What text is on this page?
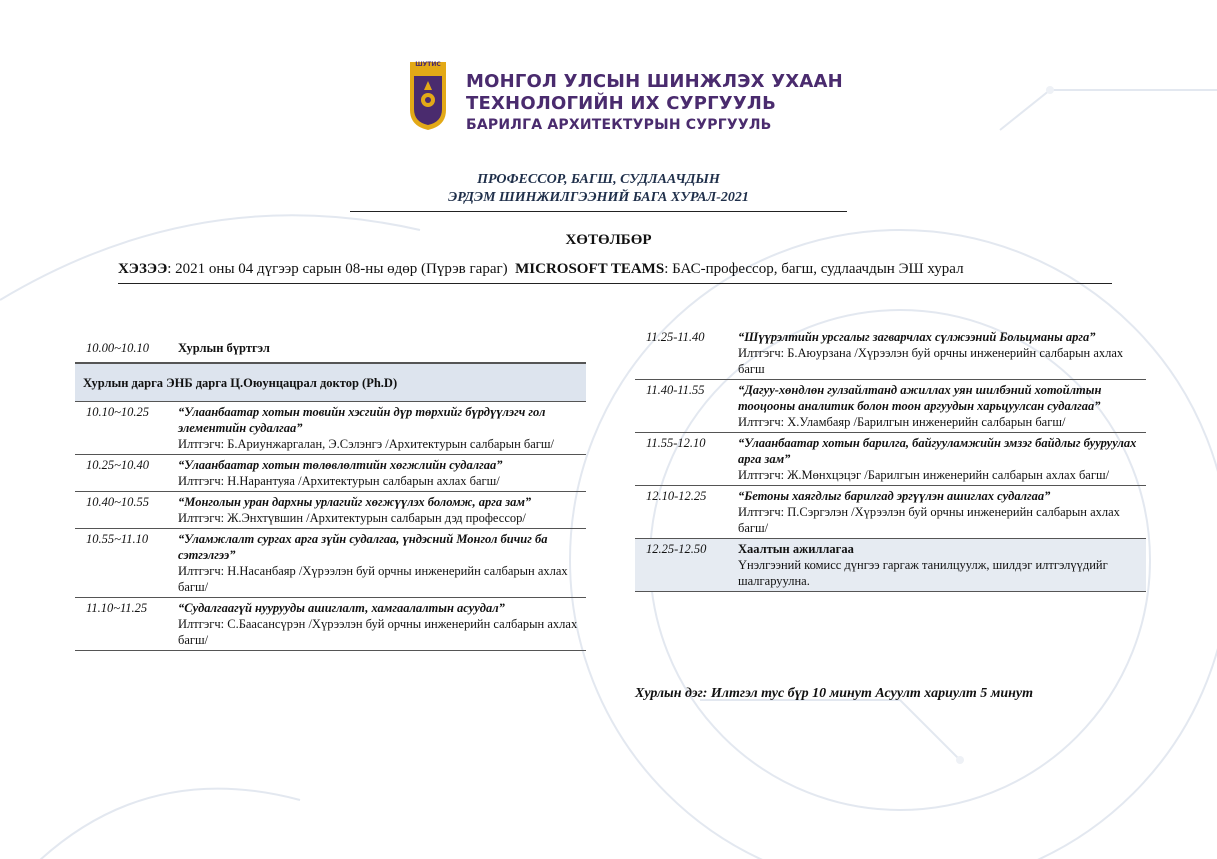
ШУТИС
МОНГОЛ УЛСЫН ШИНЖЛЭХ УХААН
ТЕХНОЛОГИЙН ИХ СУРГУУЛЬ
БАРИЛГА АРХИТЕКТУРЫН СУРГУУЛЬ
ПРОФЕССОР, БАГШ, СУДЛААЧДЫН
ЭРДЭМ ШИНЖИЛГЭЭНИЙ БАГА ХУРАЛ-2021
ХӨТӨЛБӨР
ХЭЗЭЭ: 2021 оны 04 дүгээр сарын 08-ны өдөр (Пүрэв гараг) MICROSOFT TEAMS: БАС-профессор, багш, судлаачдын ЭШ хурал
10.00~10.10	Хурлын бүртгэл
Хурлын дарга ЭНБ дарга Ц.Оюунцацрал доктор (Ph.D)
10.10~10.25	“Улаанбаатар хотын товийн хэсгийн дүр төрхийг бүрдүүлэгч гол элементийн судалгаа”
Илтгэгч: Б.Ариунжаргалан, Э.Сэлэнгэ /Архитектурын салбарын багш/
10.25~10.40	“Улаанбаатар хотын төлөвлөлтийн хөгжлийн судалгаа”
Илтгэгч: Н.Нарантуяа /Архитектурын салбарын ахлах багш/
10.40~10.55	“Монголын уран дархны урлагийг хөгжүүлэх боломж, арга зам”
Илтгэгч: Ж.Энхтүвшин /Архитектурын салбарын дэд профессор/
10.55~11.10	“Уламжлалт сургах арга зүйн судалгаа, үндэсний Монгол бичиг ба сэтгэлгээ”
Илтгэгч: Н.Насанбаяр /Хүрээлэн буй орчны инженерийн салбарын ахлах багш/
11.10~11.25	“Судалгаагүй нуурууды ашиглалт, хамгаалалтын асуудал”
Илтгэгч: С.Баасансүрэн /Хүрээлэн буй орчны инженерийн салбарын ахлах багш/
11.25-11.40	“Шүүрэлтийн урсгалыг загварчлах сүлжээний Больцманы арга”
Илтгэгч: Б.Аюурзана /Хүрээлэн буй орчны инженерийн салбарын ахлах багш
11.40-11.55	“Дагуу-хөндлөн гулзайлтанд ажиллах уян шилбэний хотойлтын тооцооны аналитик болон тоон аргуудын харьцуулсан судалгаа”
Илтгэгч: Х.Уламбаяр /Барилгын инженерийн салбарын багш/
11.55-12.10	“Улаанбаатар хотын барилга, байгууламжийн эмзэг байдлыг бууруулах арга зам”
Илтгэгч: Ж.Мөнхцэцэг /Барилгын инженерийн салбарын ахлах багш/
12.10-12.25	“Бетоны хаягдлыг барилгад эргүүлэн ашиглах судалгаа”
Илтгэгч: П.Сэргэлэн /Хүрээлэн буй орчны инженерийн салбарын ахлах багш/
12.25-12.50	Хаалтын ажиллагаа
Үнэлгээний комисс дүнгээ гаргаж танилцуулж, шилдэг илтгэлүүдийг шалгаруулна.
Хурлын дэг: Илтгэл тус бүр 10 минут Асуулт хариулт 5 минут
